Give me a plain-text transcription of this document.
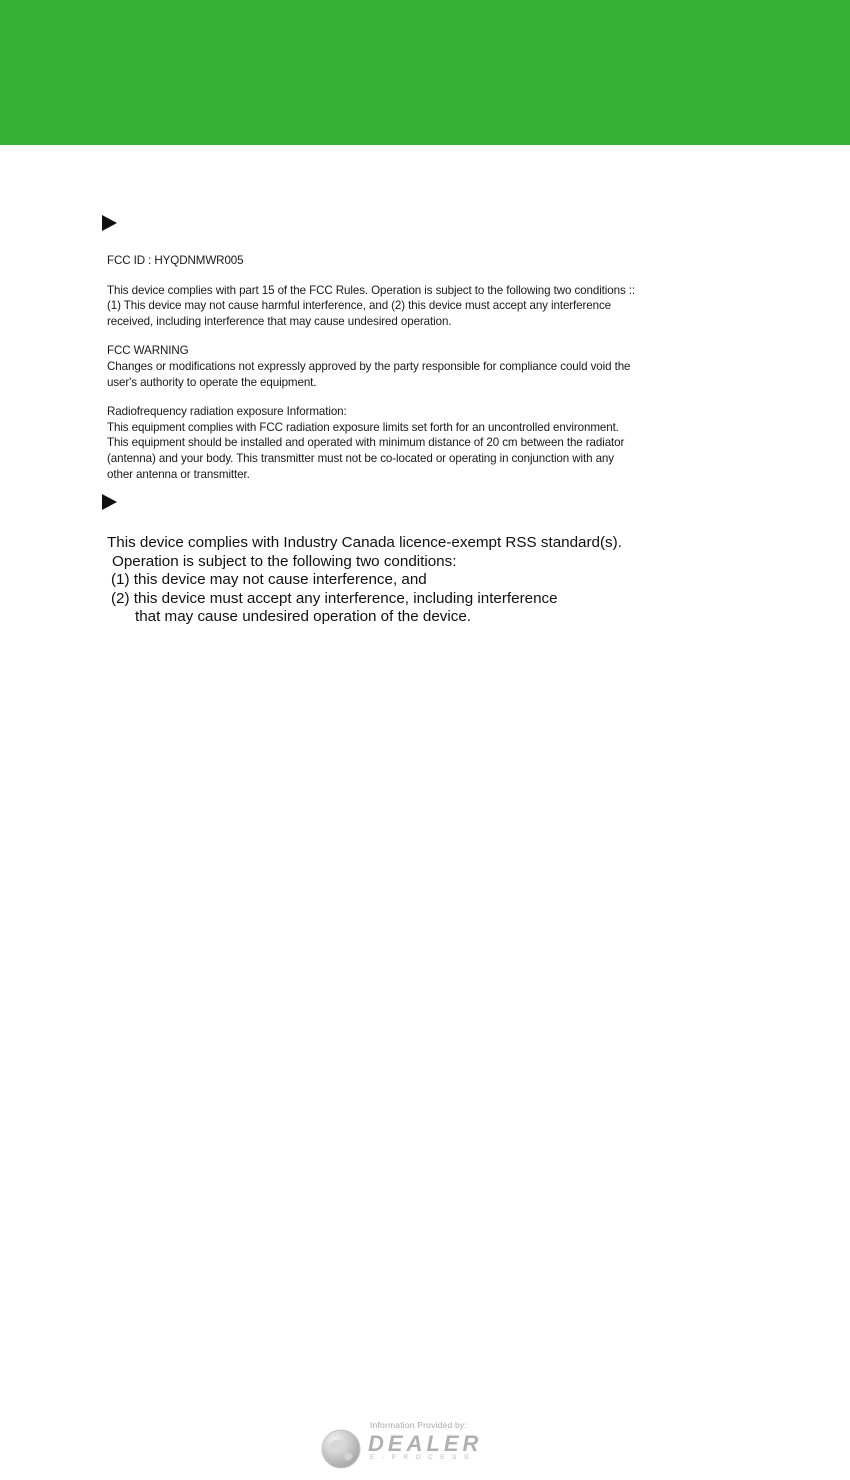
FCC ID : HYQDNMWR005

This device complies with part 15 of the FCC Rules. Operation is subject to the following two conditions ::

(1) This device may not cause harmful interference, and (2) this device must accept any interference

received, including interference that may cause undesired operation.

FCC WARNING

Changes or modifications not expressly approved by the party responsible for compliance could void the

user's authority to operate the equipment.

Radiofrequency radiation exposure Information:

This equipment complies with FCC radiation exposure limits set forth for an uncontrolled environment.

This equipment should be installed and operated with minimum distance of 20 cm between the radiator

(antenna) and your body. This transmitter must not be co-located or operating in conjunction with any

other antenna or transmitter.

This device complies with Industry Canada licence-exempt RSS standard(s).

Operation is subject to the following two conditions:

(1) this device may not cause interference, and

(2) this device must accept any interference, including interference

that may cause undesired operation of the device.

Information Provided by:
DEALER
E-PROCESS
